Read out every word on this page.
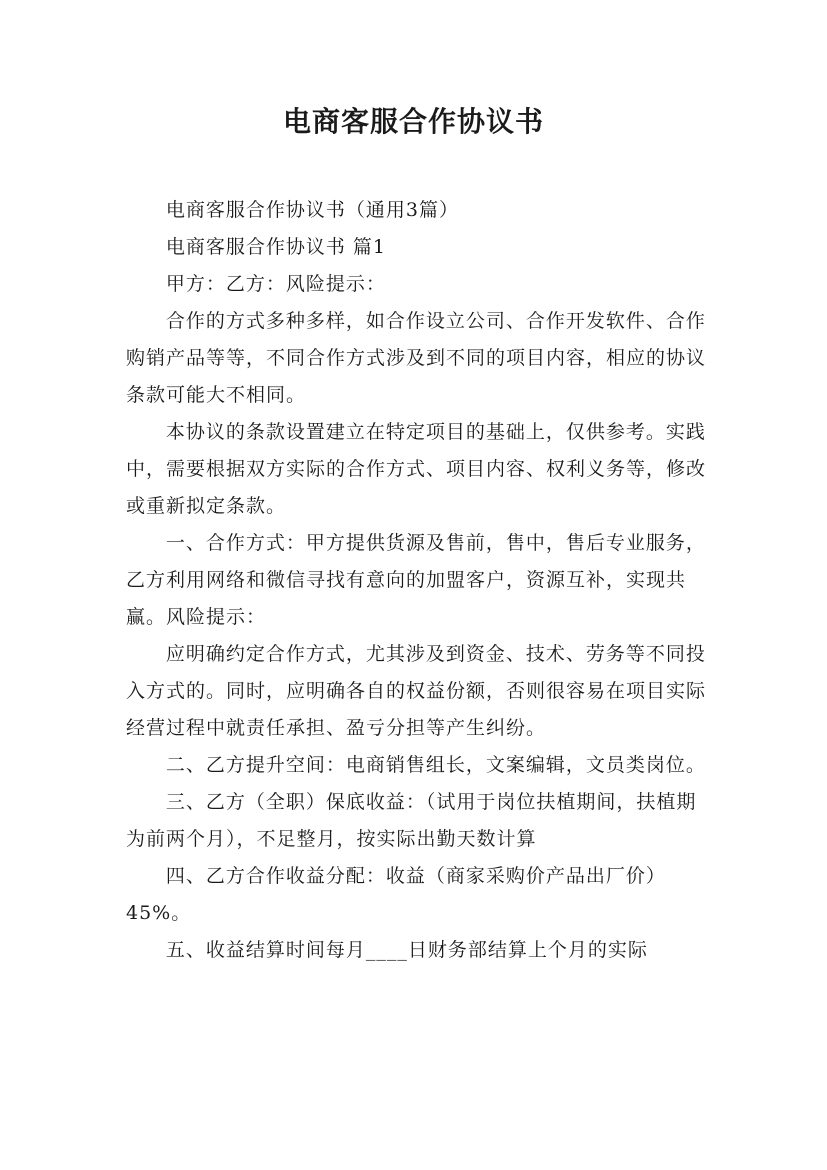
电商客服合作协议书

电商客服合作协议书（通用3篇）

电商客服合作协议书 篇1

甲方：乙方：风险提示：

合作的方式多种多样，如合作设立公司、合作开发软件、合作购销产品等等，不同合作方式涉及到不同的项目内容，相应的协议条款可能大不相同。

本协议的条款设置建立在特定项目的基础上，仅供参考。实践中，需要根据双方实际的合作方式、项目内容、权利义务等，修改或重新拟定条款。

一、合作方式：甲方提供货源及售前，售中，售后专业服务，乙方利用网络和微信寻找有意向的加盟客户，资源互补，实现共赢。风险提示：

应明确约定合作方式，尤其涉及到资金、技术、劳务等不同投入方式的。同时，应明确各自的权益份额，否则很容易在项目实际经营过程中就责任承担、盈亏分担等产生纠纷。

二、乙方提升空间：电商销售组长，文案编辑，文员类岗位。

三、乙方（全职）保底收益：（试用于岗位扶植期间，扶植期为前两个月），不足整月，按实际出勤天数计算

四、乙方合作收益分配：收益（商家采购价产品出厂价）45%。

五、收益结算时间每月____日财务部结算上个月的实际
